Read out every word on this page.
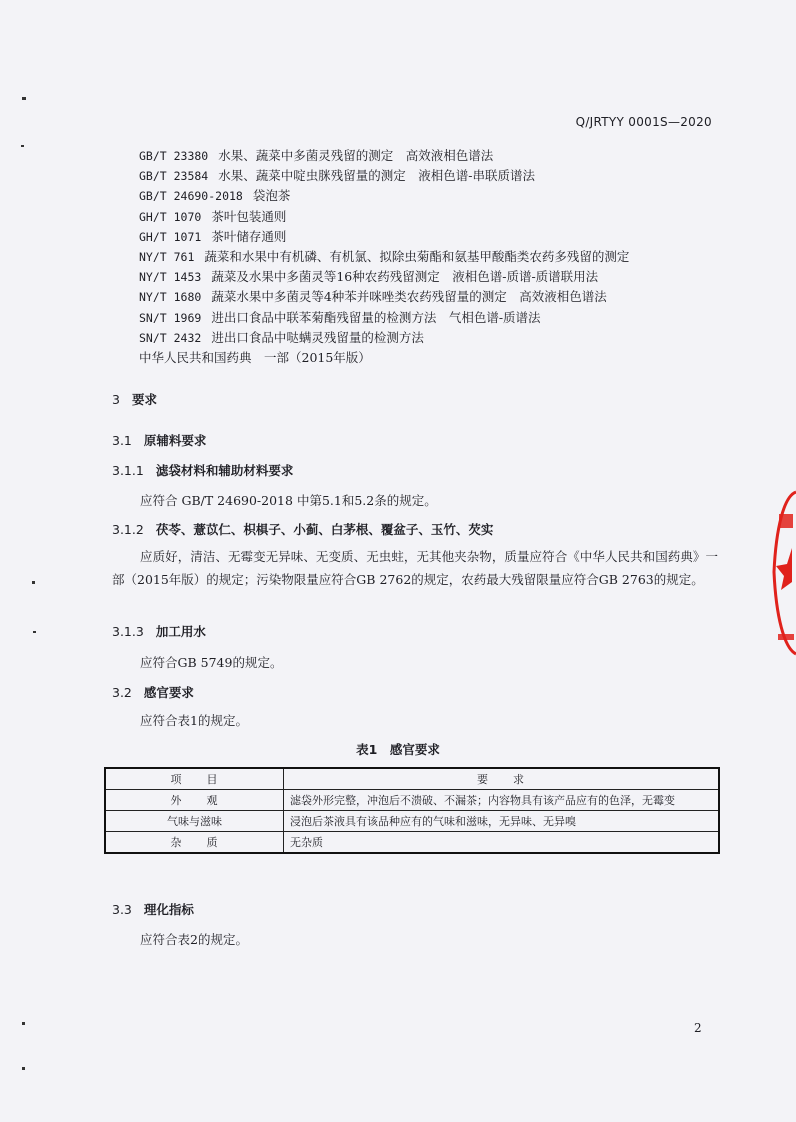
Q/JRTYY 0001S—2020
GB/T 23380 水果、蔬菜中多菌灵残留的测定　高效液相色谱法
GB/T 23584 水果、蔬菜中啶虫脒残留量的测定　液相色谱-串联质谱法
GB/T 24690-2018 袋泡茶
GH/T 1070 茶叶包装通则
GH/T 1071 茶叶储存通则
NY/T 761 蔬菜和水果中有机磷、有机氯、拟除虫菊酯和氨基甲酸酯类农药多残留的测定
NY/T 1453 蔬菜及水果中多菌灵等16种农药残留测定　液相色谱-质谱-质谱联用法
NY/T 1680 蔬菜水果中多菌灵等4种苯并咪唑类农药残留量的测定　高效液相色谱法
SN/T 1969 进出口食品中联苯菊酯残留量的检测方法　气相色谱-质谱法
SN/T 2432 进出口食品中哒螨灵残留量的检测方法
中华人民共和国药典　一部（2015年版）
3 要求
3.1 原辅料要求
3.1.1 滤袋材料和辅助材料要求
应符合 GB/T 24690-2018 中第5.1和5.2条的规定。
3.1.2 茯苓、薏苡仁、枳椇子、小蓟、白茅根、覆盆子、玉竹、芡实
应质好，清洁、无霉变无异味、无变质、无虫蛀，无其他夹杂物，质量应符合《中华人民共和国药典》一部（2015年版）的规定；污染物限量应符合GB 2762的规定，农药最大残留限量应符合GB 2763的规定。
3.1.3 加工用水
应符合GB 5749的规定。
3.2 感官要求
应符合表1的规定。
表1　感官要求
项　　目	要　　求
外　　观	滤袋外形完整，冲泡后不溃破、不漏茶；内容物具有该产品应有的色泽，无霉变
气味与滋味	浸泡后茶液具有该品种应有的气味和滋味，无异味、无异嗅
杂　　质	无杂质
3.3 理化指标
应符合表2的规定。
2
